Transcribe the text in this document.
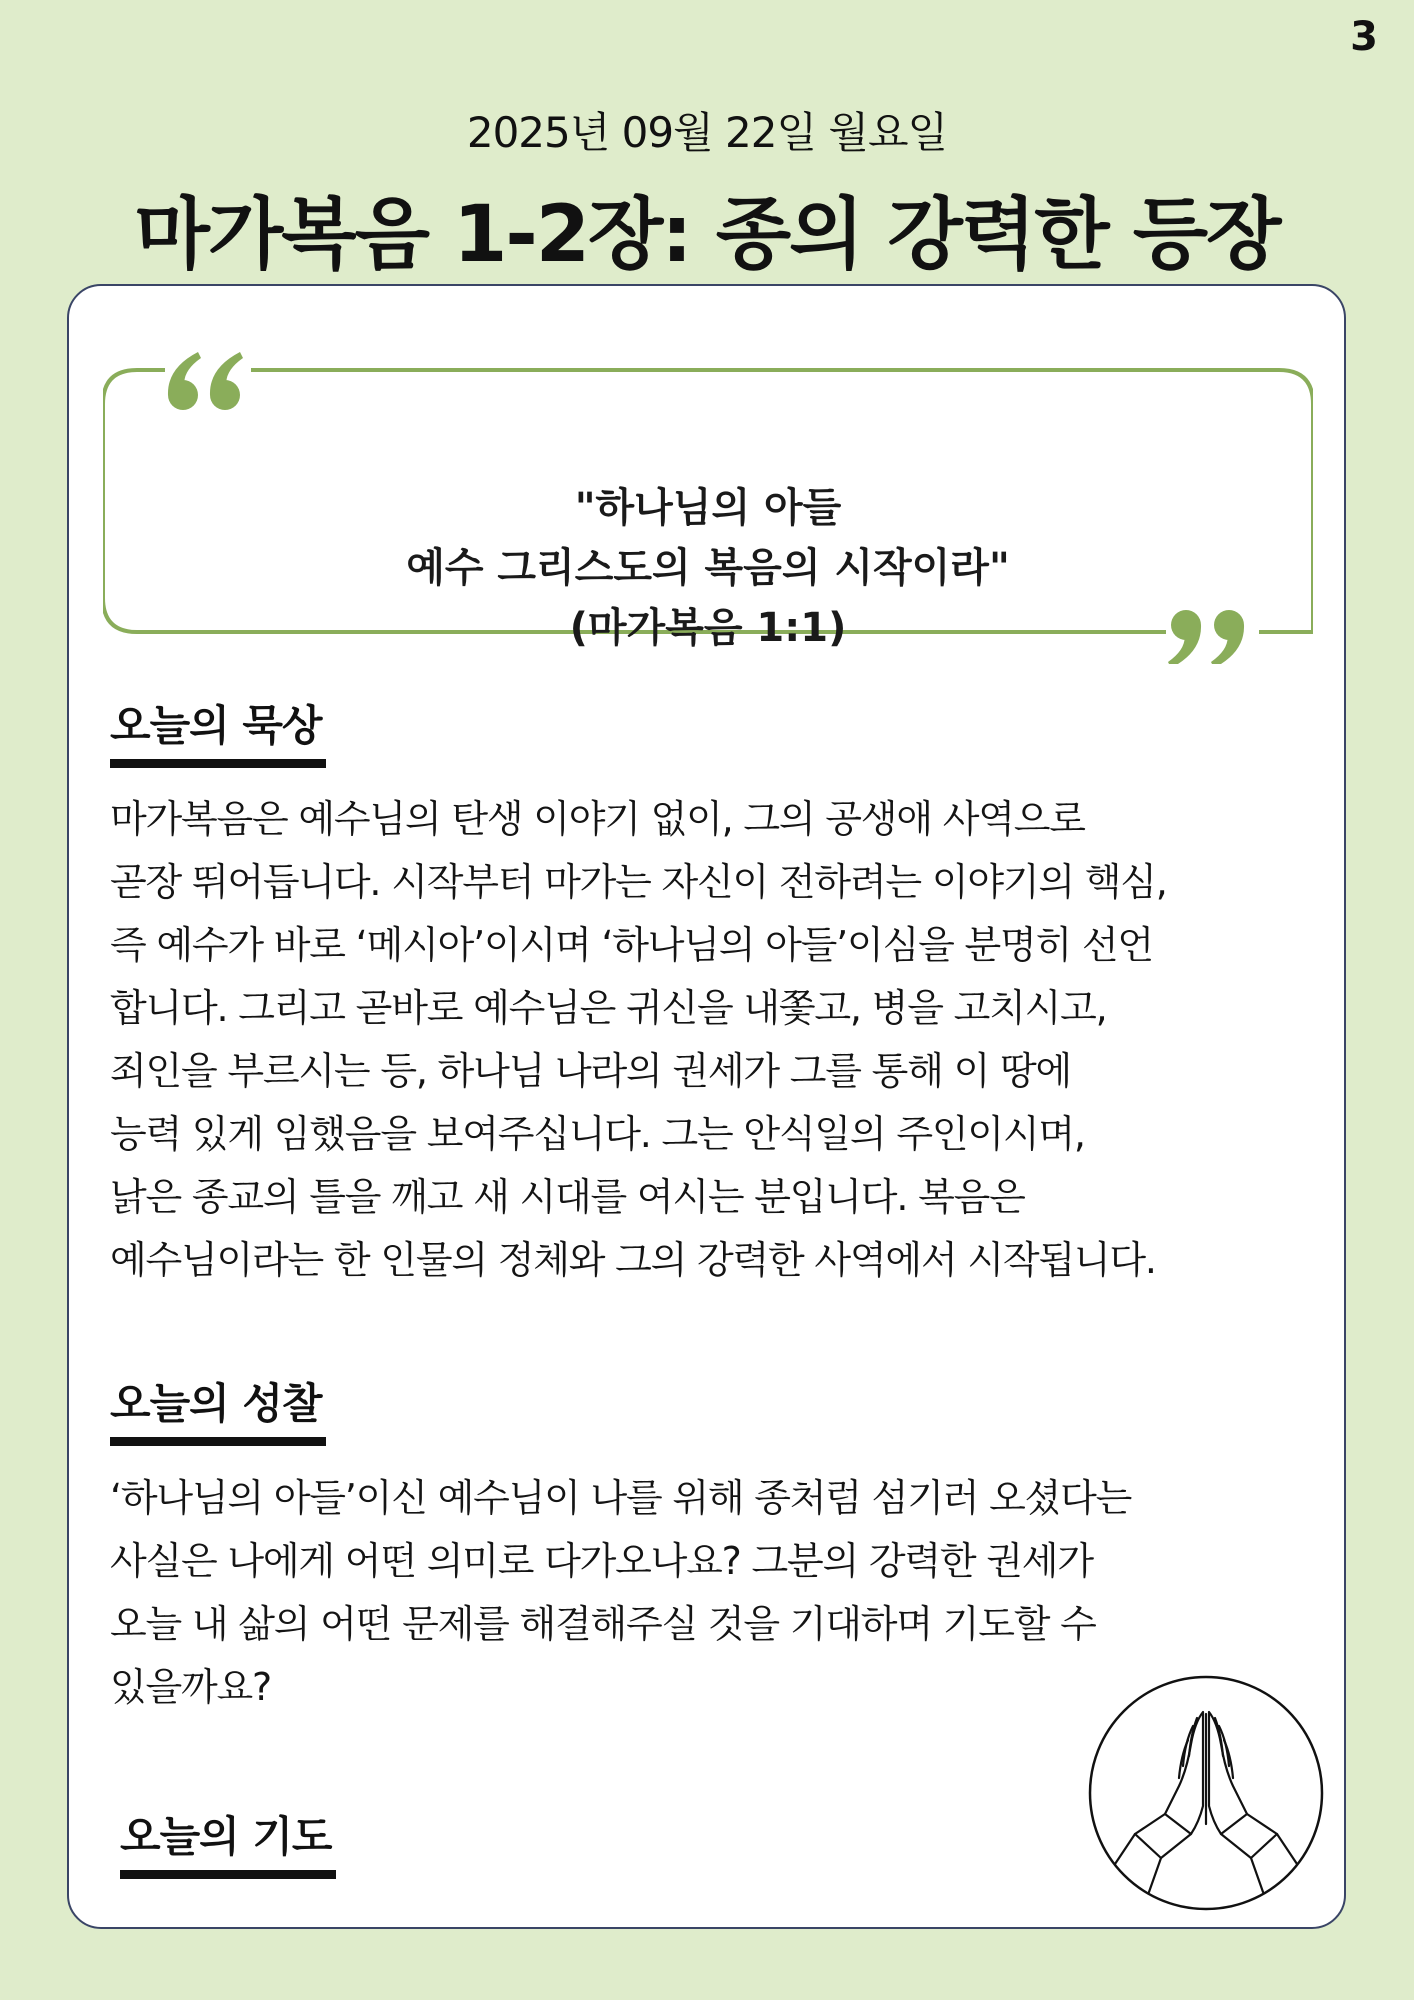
3
2025년 09월 22일 월요일
마가복음 1-2장: 종의 강력한 등장
"하나님의 아들
예수 그리스도의 복음의 시작이라"
(마가복음 1:1)
오늘의 묵상
마가복음은 예수님의 탄생 이야기 없이, 그의 공생애 사역으로
곧장 뛰어듭니다. 시작부터 마가는 자신이 전하려는 이야기의 핵심,
즉 예수가 바로 ‘메시아’이시며 ‘하나님의 아들’이심을 분명히 선언
합니다. 그리고 곧바로 예수님은 귀신을 내쫓고, 병을 고치시고,
죄인을 부르시는 등, 하나님 나라의 권세가 그를 통해 이 땅에
능력 있게 임했음을 보여주십니다. 그는 안식일의 주인이시며,
낡은 종교의 틀을 깨고 새 시대를 여시는 분입니다. 복음은
예수님이라는 한 인물의 정체와 그의 강력한 사역에서 시작됩니다.
오늘의 성찰
‘하나님의 아들’이신 예수님이 나를 위해 종처럼 섬기러 오셨다는
사실은 나에게 어떤 의미로 다가오나요? 그분의 강력한 권세가
오늘 내 삶의 어떤 문제를 해결해주실 것을 기대하며 기도할 수
있을까요?
오늘의 기도
